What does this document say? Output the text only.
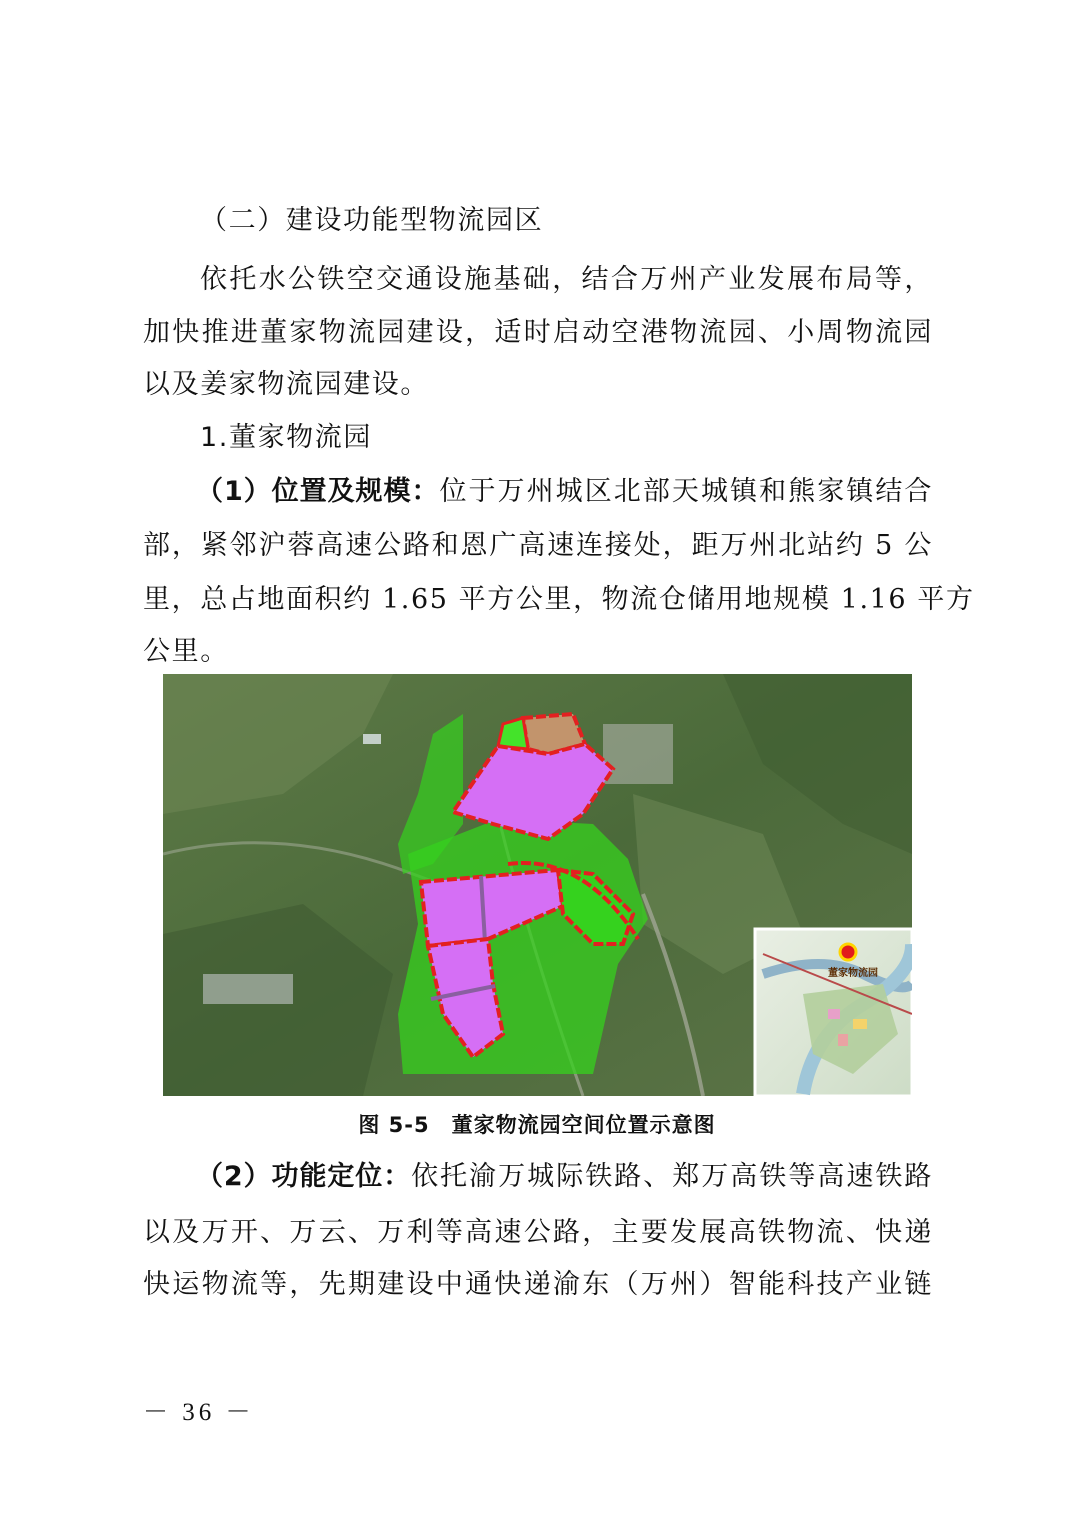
（二）建设功能型物流园区
依托水公铁空交通设施基础，结合万州产业发展布局等，
加快推进董家物流园建设，适时启动空港物流园、小周物流园
以及姜家物流园建设。
1.董家物流园
（1）位置及规模：位于万州城区北部天城镇和熊家镇结合
部，紧邻沪蓉高速公路和恩广高速连接处，距万州北站约 5 公
里，总占地面积约 1.65 平方公里，物流仓储用地规模 1.16 平方
公里。
董家物流园
图 5-5　董家物流园空间位置示意图
（2）功能定位：依托渝万城际铁路、郑万高铁等高速铁路
以及万开、万云、万利等高速公路，主要发展高铁物流、快递
快运物流等，先期建设中通快递渝东（万州）智能科技产业链
－ 36 －
